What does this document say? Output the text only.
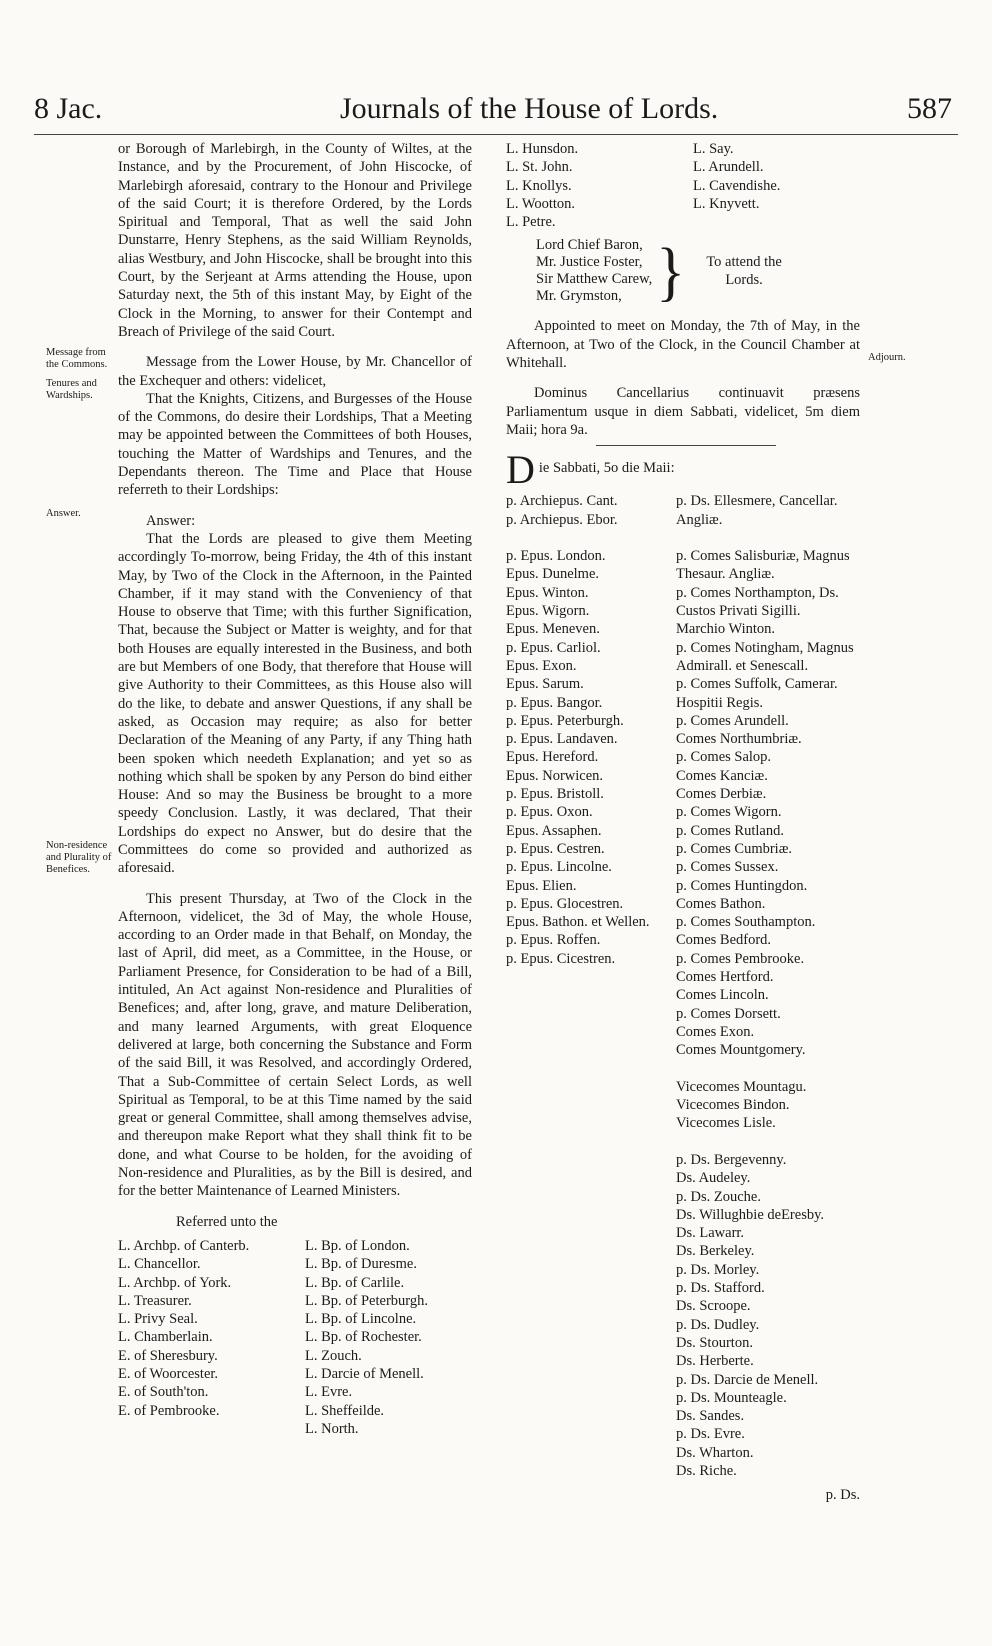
8 Jac.	Journals of the House of Lords.	587
Message from the Commons.
Tenures and Wardships.
Answer.
Non-residence and Plurality of Benefices.
Adjourn.

or Borough of Marlebirgh, in the County of Wiltes, at the Instance, and by the Procurement, of John Hiscocke, of Marlebirgh aforesaid, contrary to the Honour and Privilege of the said Court; it is therefore Ordered, by the Lords Spiritual and Temporal, That as well the said John Dunstarre, Henry Stephens, as the said William Reynolds, alias Westbury, and John Hiscocke, shall be brought into this Court, by the Serjeant at Arms attending the House, upon Saturday next, the 5th of this instant May, by Eight of the Clock in the Morning, to answer for their Contempt and Breach of Privilege of the said Court.

Message from the Lower House, by Mr. Chancellor of the Exchequer and others: videlicet,

That the Knights, Citizens, and Burgesses of the House of the Commons, do desire their Lordships, That a Meeting may be appointed between the Committees of both Houses, touching the Matter of Wardships and Tenures, and the Dependants thereon. The Time and Place that House referreth to their Lordships:

Answer:

That the Lords are pleased to give them Meeting accordingly To-morrow, being Friday, the 4th of this instant May, by Two of the Clock in the Afternoon, in the Painted Chamber, if it may stand with the Conveniency of that House to observe that Time; with this further Signification, That, because the Subject or Matter is weighty, and for that both Houses are equally interested in the Business, and both are but Members of one Body, that therefore that House will give Authority to their Committees, as this House also will do the like, to debate and answer Questions, if any shall be asked, as Occasion may require; as also for better Declaration of the Meaning of any Party, if any Thing hath been spoken which needeth Explanation; and yet so as nothing which shall be spoken by any Person do bind either House: And so may the Business be brought to a more speedy Conclusion. Lastly, it was declared, That their Lordships do expect no Answer, but do desire that the Committees do come so provided and authorized as aforesaid.

This present Thursday, at Two of the Clock in the Afternoon, videlicet, the 3d of May, the whole House, according to an Order made in that Behalf, on Monday, the last of April, did meet, as a Committee, in the House, or Parliament Presence, for Consideration to be had of a Bill, intituled, An Act against Non-residence and Pluralities of Benefices; and, after long, grave, and mature Deliberation, and many learned Arguments, with great Eloquence delivered at large, both concerning the Substance and Form of the said Bill, it was Resolved, and accordingly Ordered, That a Sub-Committee of certain Select Lords, as well Spiritual as Temporal, to be at this Time named by the said great or general Committee, shall among themselves advise, and thereupon make Report what they shall think fit to be done, and what Course to be holden, for the avoiding of Non-residence and Pluralities, as by the Bill is desired, and for the better Maintenance of Learned Ministers.

Referred unto the

L. Archbp. of Canterb.
L. Chancellor.
L. Archbp. of York.
L. Treasurer.
L. Privy Seal.
L. Chamberlain.
E. of Sheresbury.
E. of Woorcester.
E. of South'ton.
E. of Pembrooke.
L. Bp. of London.
L. Bp. of Duresme.
L. Bp. of Carlile.
L. Bp. of Peterburgh.
L. Bp. of Lincolne.
L. Bp. of Rochester.
L. Zouch.
L. Darcie of Menell.
L. Evre.
L. Sheffeilde.
L. North.
L. Hunsdon.
L. St. John.
L. Knollys.
L. Wootton.
L. Petre.
L. Say.
L. Arundell.
L. Cavendishe.
L. Knyvett.
Lord Chief Baron,
Mr. Justice Foster,
Sir Matthew Carew,
Mr. Grymston, }	To attend the Lords.

Appointed to meet on Monday, the 7th of May, in the Afternoon, at Two of the Clock, in the Council Chamber at Whitehall.

Dominus Cancellarius continuavit præsens Parliamentum usque in diem Sabbati, videlicet, 5m diem Maii; hora 9a.

D ie Sabbati, 5o die Maii:
p. Archiepus. Cant.
p. Archiepus. Ebor.

p. Epus. London.
Epus. Dunelme.
Epus. Winton.
Epus. Wigorn.
Epus. Meneven.
p. Epus. Carliol.
Epus. Exon.
Epus. Sarum.
p. Epus. Bangor.
p. Epus. Peterburgh.
p. Epus. Landaven.
Epus. Hereford.
Epus. Norwicen.
p. Epus. Bristoll.
p. Epus. Oxon.
Epus. Assaphen.
p. Epus. Cestren.
p. Epus. Lincolne.
Epus. Elien.
p. Epus. Glocestren.
Epus. Bathon. et Wellen.
p. Epus. Roffen.
p. Epus. Cicestren.
p. Ds. Ellesmere, Cancellar. Angliæ.

p. Comes Salisburiæ, Magnus Thesaur. Angliæ.
p. Comes Northampton, Ds. Custos Privati Sigilli.
Marchio Winton.
p. Comes Notingham, Magnus Admirall. et Senescall.
p. Comes Suffolk, Camerar. Hospitii Regis.
p. Comes Arundell.
Comes Northumbriæ.
p. Comes Salop.
Comes Kanciæ.
Comes Derbiæ.
p. Comes Wigorn.
p. Comes Rutland.
p. Comes Cumbriæ.
p. Comes Sussex.
p. Comes Huntingdon.
Comes Bathon.
p. Comes Southampton.
Comes Bedford.
p. Comes Pembrooke.
Comes Hertford.
Comes Lincoln.
p. Comes Dorsett.
Comes Exon.
Comes Mountgomery.

Vicecomes Mountagu.
Vicecomes Bindon.
Vicecomes Lisle.

p. Ds. Bergevenny.
Ds. Audeley.
p. Ds. Zouche.
Ds. Willughbie deEresby.
Ds. Lawarr.
Ds. Berkeley.
p. Ds. Morley.
p. Ds. Stafford.
Ds. Scroope.
p. Ds. Dudley.
Ds. Stourton.
Ds. Herberte.
p. Ds. Darcie de Menell.
p. Ds. Mounteagle.
Ds. Sandes.
p. Ds. Evre.
Ds. Wharton.
Ds. Riche.
p. Ds.
